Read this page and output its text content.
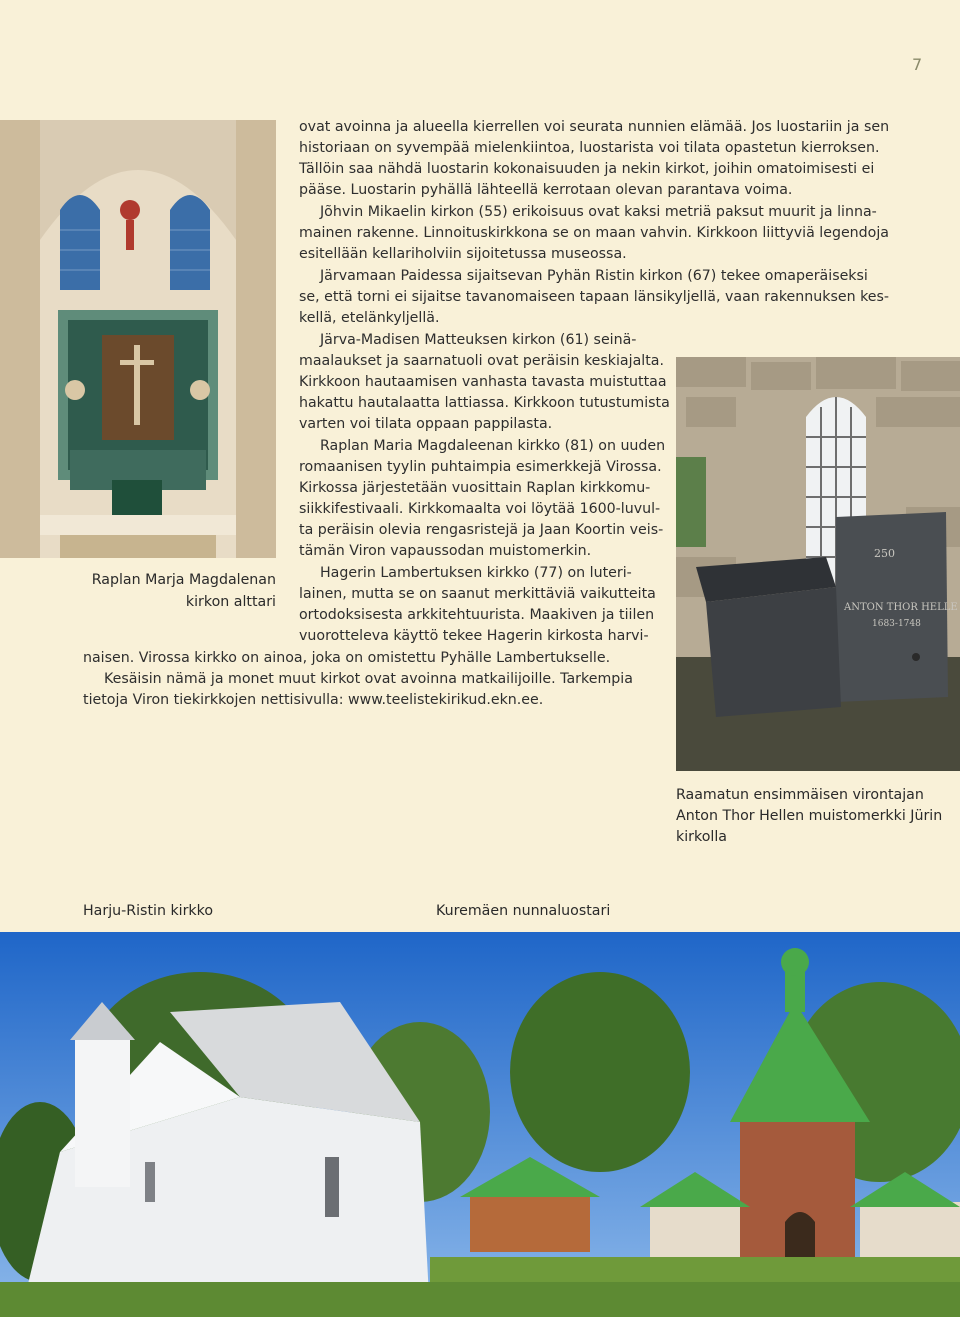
7
Raplan Marja Magdalenan
kirkon alttari
250
ANTON THOR HELLE
1683-1748
Raamatun ensimmäisen virontajan
Anton Thor Hellen muistomerkki Jürin
kirkolla
ovat avoinna ja alueella kierrellen voi seurata nunnien elämää. Jos luostariin ja sen
historiaan on syvempää mielenkiintoa, luostarista voi tilata opastetun kierroksen.
Tällöin saa nähdä luostarin kokonaisuuden ja nekin kirkot, joihin omatoimisesti ei
pääse. Luostarin pyhällä lähteellä kerrotaan olevan parantava voima.
Jõhvin Mikaelin kirkon (55) erikoisuus ovat kaksi metriä paksut muurit ja linna-
mainen rakenne. Linnoituskirkkona se on maan vahvin. Kirkkoon liittyviä legendoja
esitellään kellariholviin sijoitetussa museossa.
Järvamaan Paidessa sijaitsevan Pyhän Ristin kirkon (67) tekee omaperäiseksi
se, että torni ei sijaitse tavanomaiseen tapaan länsikyljellä, vaan rakennuksen kes-
kellä, etelänkyljellä.
Järva-Madisen Matteuksen kirkon (61) seinä-
maalaukset ja saarnatuoli ovat peräisin keskiajalta.
Kirkkoon hautaamisen vanhasta tavasta muistuttaa
hakattu hautalaatta lattiassa. Kirkkoon tutustumista
varten voi tilata oppaan pappilasta.
Raplan Maria Magdaleenan kirkko (81) on uuden
romaanisen tyylin puhtaimpia esimerkkejä Virossa.
Kirkossa järjestetään vuosittain Raplan kirkkomu-
siikkifestivaali. Kirkkomaalta voi löytää 1600-luvul-
ta peräisin olevia rengasristejä ja Jaan Koortin veis-
tämän Viron vapaussodan muistomerkin.
Hagerin Lambertuksen kirkko (77) on luteri-
lainen, mutta se on saanut merkittäviä vaikutteita
ortodoksisesta arkkitehtuurista. Maakiven ja tiilen
vuorotteleva käyttö tekee Hagerin kirkosta harvi-
naisen. Virossa kirkko on ainoa, joka on omistettu Pyhälle Lambertukselle.
Kesäisin nämä ja monet muut kirkot ovat avoinna matkailijoille. Tarkempia
tietoja Viron tiekirkkojen nettisivulla: www.teelistekirikud.ekn.ee.
Harju-Ristin kirkko	Kuremäen nunnaluostari
